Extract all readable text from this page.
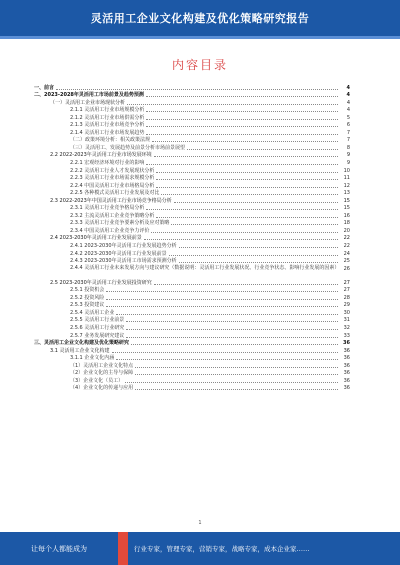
灵活用工企业文化构建及优化策略研究报告
内容目录
一、前言	4
二、2023-2028年灵活用工市场前景及趋势预测	4
（一）灵活用工企业市场现状分析	4
2.1.1 灵活用工行业市场规模分析	4
2.1.2 灵活用工行业市场供需分析	5
2.1.3 灵活用工行业市场竞争分析	6
2.1.4 灵活用工行业市场发展趋势	7
（二）政策环境分析：相关政策法规	7
（三）灵活用工、发展趋势及前景分析市场前景展望	8
2.2 2022-2023年灵活用工行业市场发展环境	9
2.2.1 宏观经济环境对行业的影响	9
2.2.2 灵活用工行业人才发展现状分析	10
2.2.3 灵活用工行业市场需求规模分析	11
2.2.4 中国灵活用工行业市场格局分析	12
2.2.5 各种模式灵活用工行业发展及对比	13
2.3 2022-2023年中国灵活用工行业市场竞争格局分析	15
2.3.1 灵活用工行业竞争格局分析	15
2.3.2 主流灵活用工企业竞争策略分析	16
2.3.3 灵活用工行业竞争要素分析及应对策略	18
2.3.4 中国灵活用工企业竞争力评价	20
2.4 2023-2030年灵活用工行业发展前景	22
2.4.1 2023-2030年灵活用工行业发展趋势分析	22
2.4.2 2023-2030年灵活用工行业发展前景	24
2.4.3 2023-2030年灵活用工市场需求预测分析	25
2.4.4 灵活用工行业未来发展方向与建议研究（数据说明：灵活用工行业发展状况、行业竞争状态、影响行业发展的因素） 26
2.5 2023-2030年灵活用工行业发展投资研究	27
2.5.1 投资机会	27
2.5.2 投资风险	28
2.5.3 投资建议	29
2.5.4 灵活用工企业	30
2.5.5 灵活用工行业前景	31
2.5.6 灵活用工行业研究	32
2.5.7 业务发展研究建议	33
三、灵活用工企业文化构建及优化策略研究	36
3.1 灵活用工企业文化构建	36
3.1.1 企业文化内涵	36
（1）灵活用工企业文化特点	36
（2）企业文化的主导与保障	36
（3）企业文化（员工）	36
（4）企业文化的传递与应用	36
1
让每个人都能成为	行业专家，管理专家，营销专家，战略专家，成本企业家……
